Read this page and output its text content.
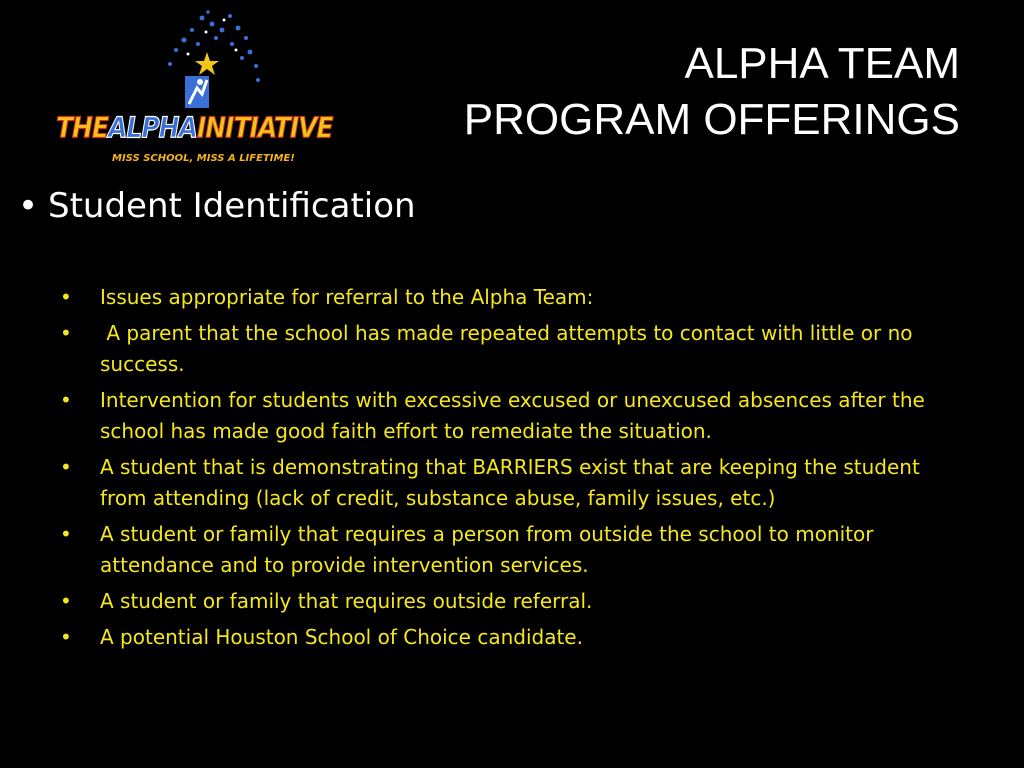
THEALPHAINITIATIVE
MISS SCHOOL, MISS A LIFETIME!
ALPHA TEAM
PROGRAM OFFERINGS
• Student Identification
• Issues appropriate for referral to the Alpha Team:
• A parent that the school has made repeated attempts to contact with little or no success.
• Intervention for students with excessive excused or unexcused absences after the school has made good faith effort to remediate the situation.
• A student that is demonstrating that BARRIERS exist that are keeping the student from attending (lack of credit, substance abuse, family issues, etc.)
• A student or family that requires a person from outside the school to monitor attendance and to provide intervention services.
• A student or family that requires outside referral.
• A potential Houston School of Choice candidate.
